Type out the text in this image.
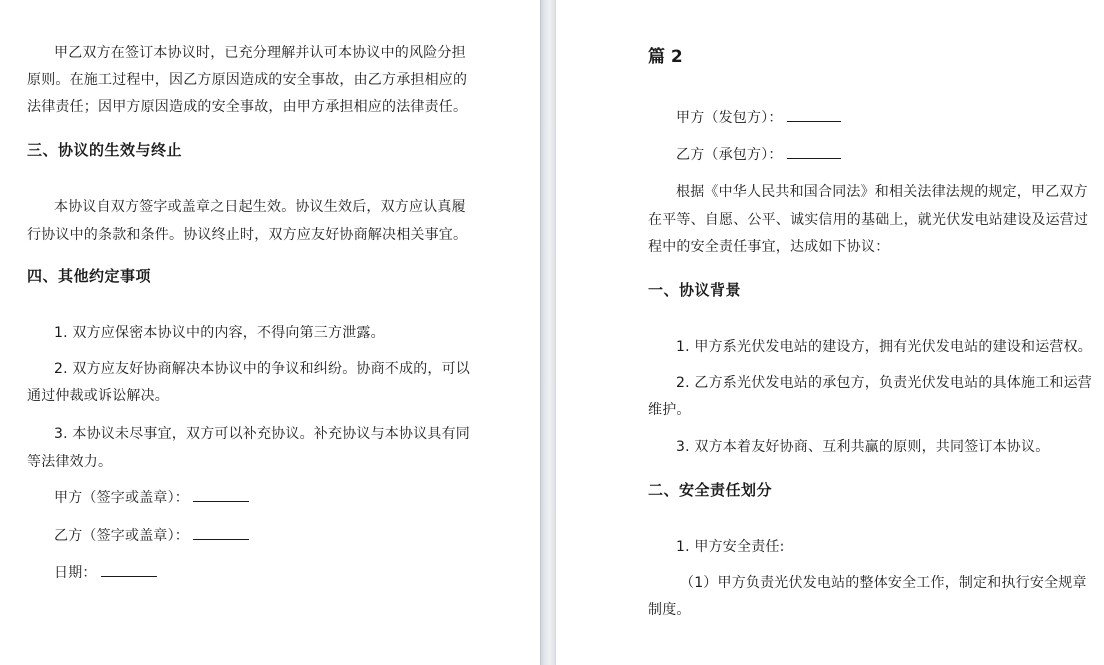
甲乙双方在签订本协议时，已充分理解并认可本协议中的风险分担
原则。在施工过程中，因乙方原因造成的安全事故，由乙方承担相应的
法律责任；因甲方原因造成的安全事故，由甲方承担相应的法律责任。
三、协议的生效与终止
本协议自双方签字或盖章之日起生效。协议生效后，双方应认真履
行协议中的条款和条件。协议终止时，双方应友好协商解决相关事宜。
四、其他约定事项
1. 双方应保密本协议中的内容，不得向第三方泄露。
2. 双方应友好协商解决本协议中的争议和纠纷。协商不成的，可以
通过仲裁或诉讼解决。
3. 本协议未尽事宜，双方可以补充协议。补充协议与本协议具有同
等法律效力。
甲方（签字或盖章）：
乙方（签字或盖章）：
日期：
篇 2
甲方（发包方）：
乙方（承包方）：
根据《中华人民共和国合同法》和相关法律法规的规定，甲乙双方
在平等、自愿、公平、诚实信用的基础上，就光伏发电站建设及运营过
程中的安全责任事宜，达成如下协议：
一、协议背景
1. 甲方系光伏发电站的建设方，拥有光伏发电站的建设和运营权。
2. 乙方系光伏发电站的承包方，负责光伏发电站的具体施工和运营
维护。
3. 双方本着友好协商、互利共赢的原则，共同签订本协议。
二、安全责任划分
1. 甲方安全责任:
（1）甲方负责光伏发电站的整体安全工作，制定和执行安全规章
制度。
